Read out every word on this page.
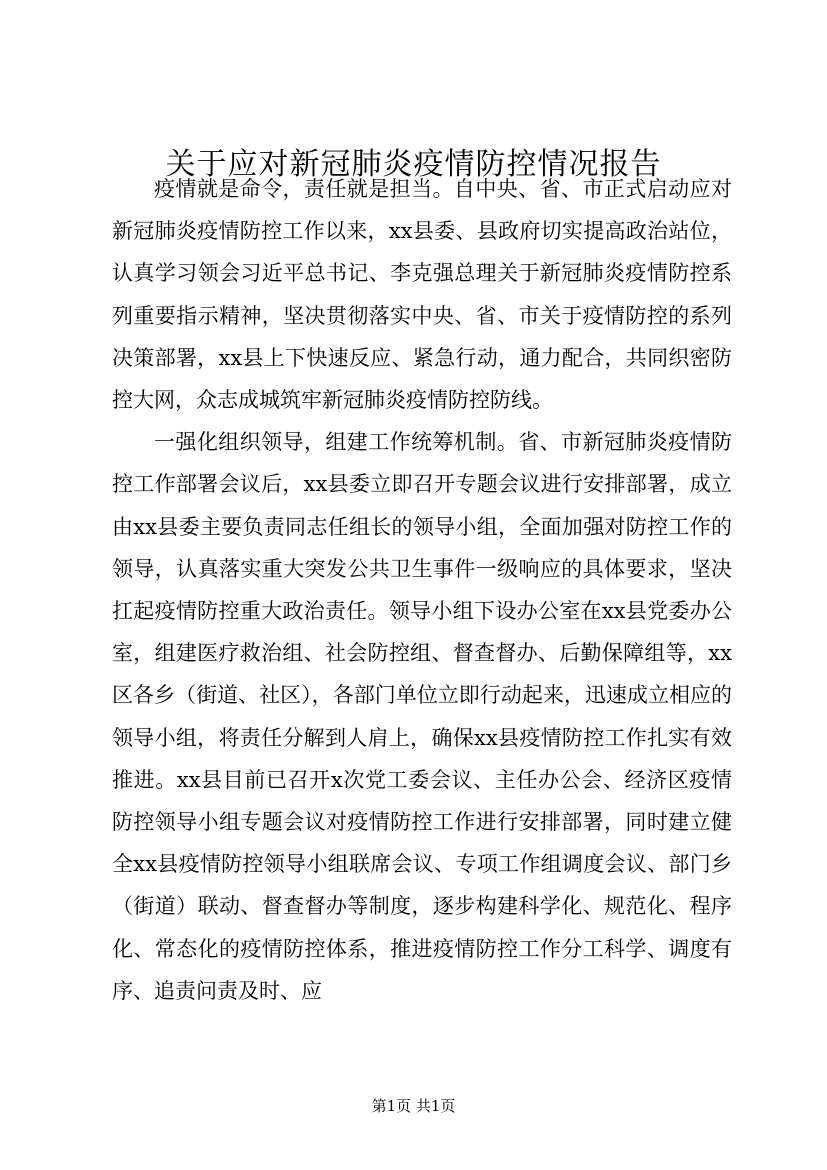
关于应对新冠肺炎疫情防控情况报告

疫情就是命令，责任就是担当。自中央、省、市正式启动应对新冠肺炎疫情防控工作以来，xx县委、县政府切实提高政治站位，认真学习领会习近平总书记、李克强总理关于新冠肺炎疫情防控系列重要指示精神，坚决贯彻落实中央、省、市关于疫情防控的系列决策部署，xx县上下快速反应、紧急行动，通力配合，共同织密防控大网，众志成城筑牢新冠肺炎疫情防控防线。

一强化组织领导，组建工作统筹机制。省、市新冠肺炎疫情防控工作部署会议后，xx县委立即召开专题会议进行安排部署，成立由xx县委主要负责同志任组长的领导小组，全面加强对防控工作的领导，认真落实重大突发公共卫生事件一级响应的具体要求，坚决扛起疫情防控重大政治责任。领导小组下设办公室在xx县党委办公室，组建医疗救治组、社会防控组、督查督办、后勤保障组等，xx区各乡（街道、社区），各部门单位立即行动起来，迅速成立相应的领导小组，将责任分解到人肩上，确保xx县疫情防控工作扎实有效推进。xx县目前已召开x次党工委会议、主任办公会、经济区疫情防控领导小组专题会议对疫情防控工作进行安排部署，同时建立健全xx县疫情防控领导小组联席会议、专项工作组调度会议、部门乡（街道）联动、督查督办等制度，逐步构建科学化、规范化、程序化、常态化的疫情防控体系，推进疫情防控工作分工科学、调度有序、追责问责及时、应

第1页 共1页
